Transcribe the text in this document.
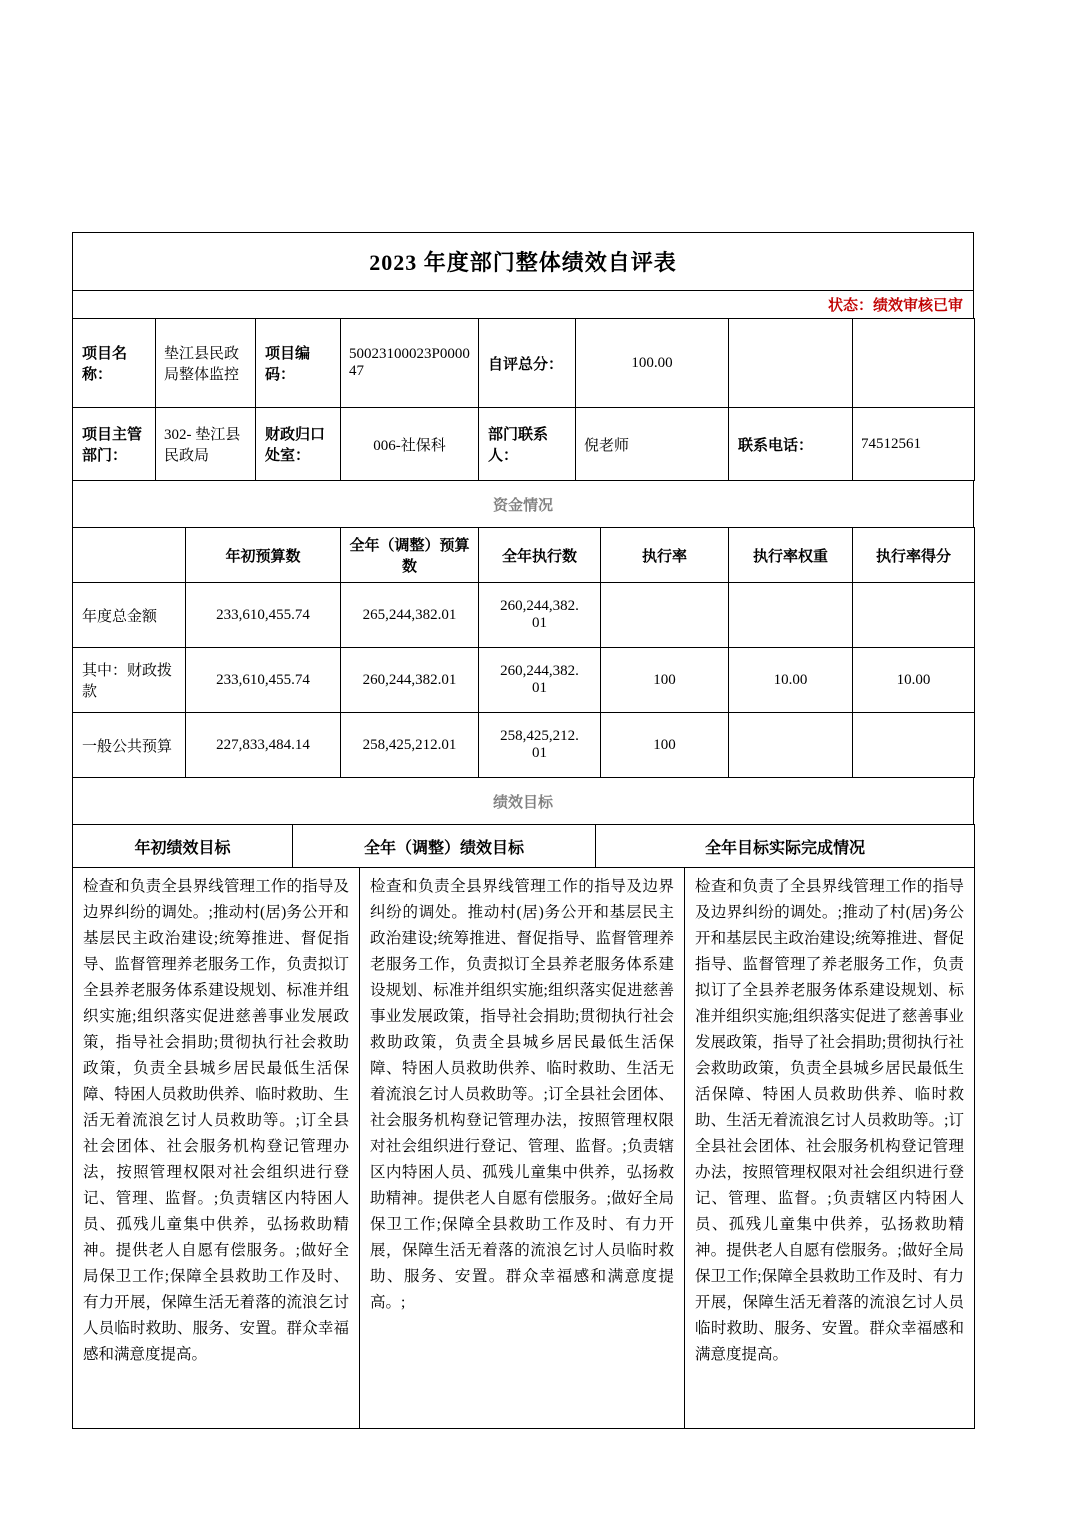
2023 年度部门整体绩效自评表
状态：绩效审核已审
项目名称：	垫江县民政局整体监控	项目编码：	50023100023P000047	自评总分：	100.00		
项目主管部门：	302- 垫江县民政局	财政归口处室：	006-社保科	部门联系人：	倪老师	联系电话：	74512561
资金情况
	年初预算数	全年（调整）预算数	全年执行数	执行率	执行率权重	执行率得分
年度总金额	233,610,455.74	265,244,382.01	260,244,382.01			
其中：财政拨款	233,610,455.74	260,244,382.01	260,244,382.01	100	10.00	10.00
一般公共预算	227,833,484.14	258,425,212.01	258,425,212.01	100		
绩效目标
年初绩效目标	全年（调整）绩效目标	全年目标实际完成情况
检查和负责全县界线管理工作的指导及边界纠纷的调处。;推动村(居)务公开和基层民主政治建设;统筹推进、督促指导、监督管理养老服务工作，负责拟订全县养老服务体系建设规划、标准并组织实施;组织落实促进慈善事业发展政策，指导社会捐助;贯彻执行社会救助政策，负责全县城乡居民最低生活保障、特困人员救助供养、临时救助、生活无着流浪乞讨人员救助等。;订全县社会团体、社会服务机构登记管理办法，按照管理权限对社会组织进行登记、管理、监督。;负责辖区内特困人员、孤残儿童集中供养，弘扬救助精神。提供老人自愿有偿服务。;做好全局保卫工作;保障全县救助工作及时、有力开展，保障生活无着落的流浪乞讨人员临时救助、服务、安置。群众幸福感和满意度提高。	检查和负责全县界线管理工作的指导及边界纠纷的调处。推动村(居)务公开和基层民主政治建设;统筹推进、督促指导、监督管理养老服务工作，负责拟订全县养老服务体系建设规划、标准并组织实施;组织落实促进慈善事业发展政策，指导社会捐助;贯彻执行社会救助政策，负责全县城乡居民最低生活保障、特困人员救助供养、临时救助、生活无着流浪乞讨人员救助等。;订全县社会团体、社会服务机构登记管理办法，按照管理权限对社会组织进行登记、管理、监督。;负责辖区内特困人员、孤残儿童集中供养，弘扬救助精神。提供老人自愿有偿服务。;做好全局保卫工作;保障全县救助工作及时、有力开展，保障生活无着落的流浪乞讨人员临时救助、服务、安置。群众幸福感和满意度提高。;	检查和负责了全县界线管理工作的指导及边界纠纷的调处。;推动了村(居)务公开和基层民主政治建设;统筹推进、督促指导、监督管理了养老服务工作，负责拟订了全县养老服务体系建设规划、标准并组织实施;组织落实促进了慈善事业发展政策，指导了社会捐助;贯彻执行社会救助政策，负责全县城乡居民最低生活保障、特困人员救助供养、临时救助、生活无着流浪乞讨人员救助等。;订全县社会团体、社会服务机构登记管理办法，按照管理权限对社会组织进行登记、管理、监督。;负责辖区内特困人员、孤残儿童集中供养，弘扬救助精神。提供老人自愿有偿服务。;做好全局保卫工作;保障全县救助工作及时、有力开展，保障生活无着落的流浪乞讨人员临时救助、服务、安置。群众幸福感和满意度提高。
